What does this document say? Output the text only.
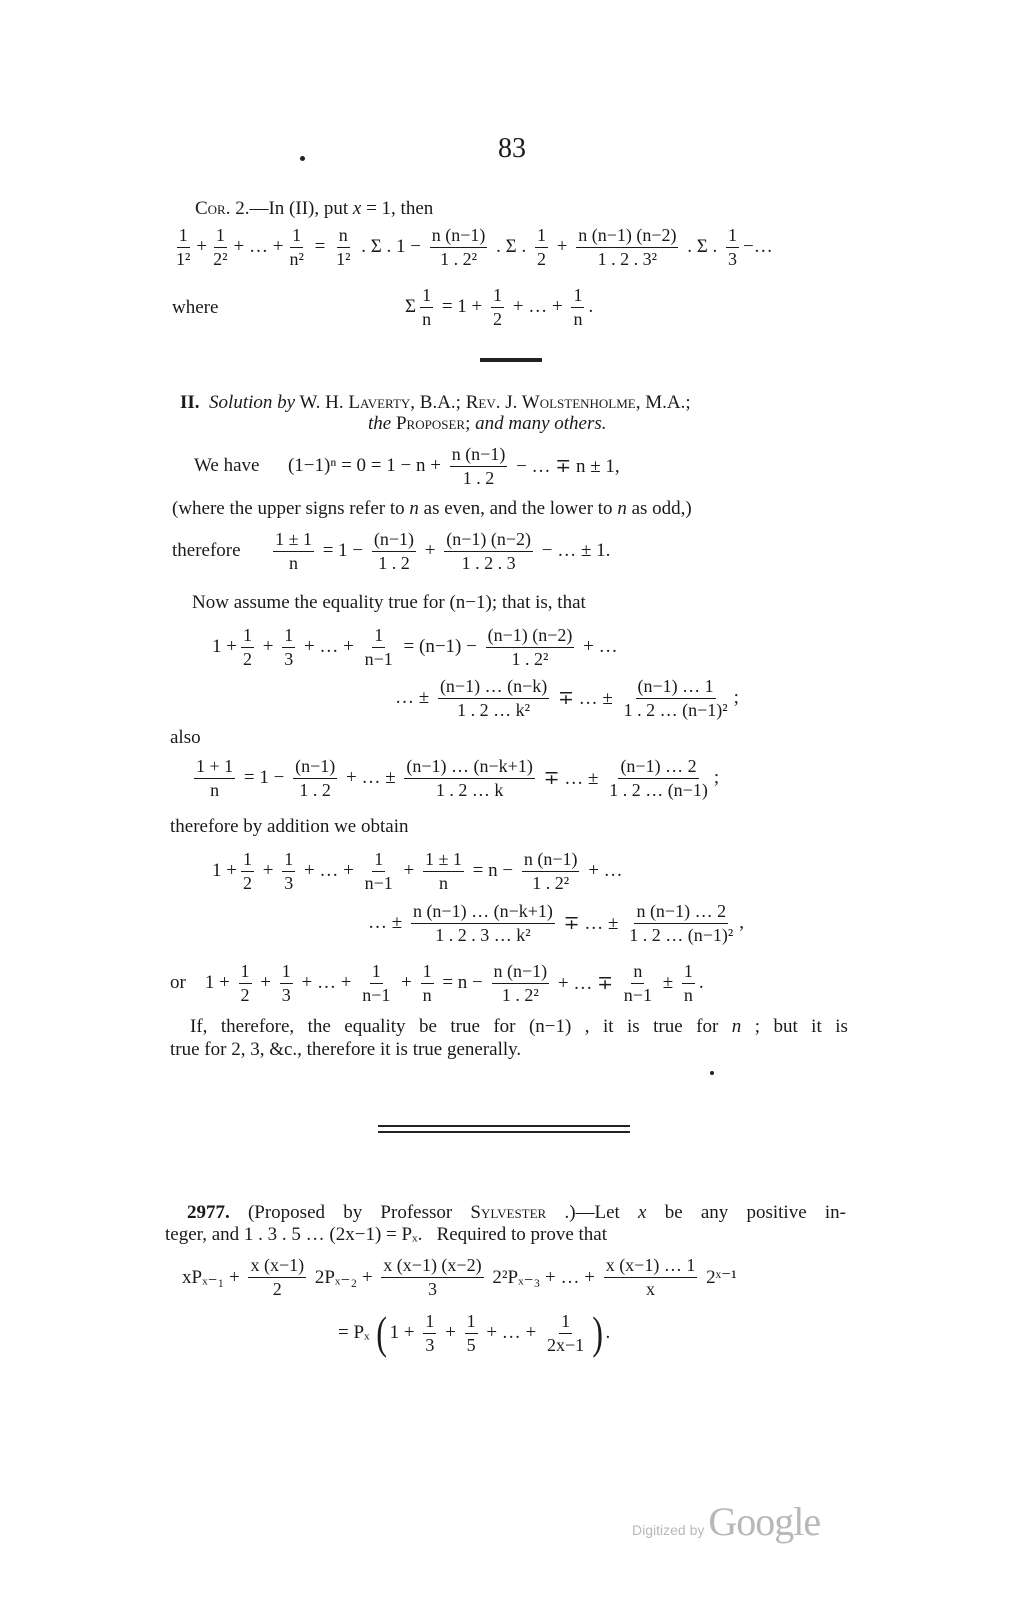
83
Cor. 2.—In (II), put x = 1, then
$\frac{1}{\text{1²}} + \frac{1}{\text{2²}}$ + … + $\frac{1}{\text{n²}} = \frac{n}{\text{1²}}$ . Σ . $1 - \frac{n (n-1)}{\text{1 . 2²}}$ . Σ . $\frac{1}{2} + \frac{n (n-1) (n-2)}{\text{1 . 2 . 3²}}$ . Σ . $\frac{1}{3}$ −…
where	Σ $\frac{1}{n} = 1 + \frac{1}{2}$ + … + $\frac{1}{n}$ .
II.
Solution by W. H. Laverty , B.A.; Rev. J. Wolstenholme , M.A.;
the
Proposer ; and many others.
We have $(1-1)^n = 0 = 1 - n + \frac{n (n-1)}{1 . 2}$ − … ∓ n ± 1,
(where the upper signs refer to n as even, and the lower to n as odd,)
therefore $\frac{1 \pm 1}{n} = 1 - \frac{(n-1)}{1 . 2} + \frac{(n-1) (n-2)}{1 . 2 . 3}$ − … ± 1.
Now assume the equality true for (n−1) ; that is, that
$1 + \frac{1}{2} + \frac{1}{3}$ + … + $\frac{1}{n-1} = (n-1) - \frac{(n-1) (n-2)}{\text{1 . 2²}}$ + …
… ± $\frac{(n-1) \dots (n-k)}{\text{1 . 2 … k²}}$ ∓ … ± $\frac{(n-1) \dots 1}{\text{1 . 2 … (n−1)²}}$ ;
also
$\frac{1 + 1}{n} = 1 - \frac{(n-1)}{1 . 2}$ + … ± $\frac{(n-1) \dots (n-k+1)}{1 . 2 \dots k}$ ∓ … ± $\frac{(n-1) \dots 2}{1 . 2 \dots (n-1)}$ ;
therefore by addition we obtain
$1 + \frac{1}{2} + \frac{1}{3}$ + … + $\frac{1}{n-1} + \frac{1 \pm 1}{n} = n - \frac{n (n-1)}{\text{1 . 2²}}$ + …
… ± $\frac{n (n-1) \dots (n-k+1)}{\text{1 . 2 . 3 … k²}}$ ∓ … ± $\frac{n (n-1) \dots 2}{\text{1 . 2 … (n−1)²}}$ ,
or $1 + \frac{1}{2} + \frac{1}{3}$ + … + $\frac{1}{n-1} + \frac{1}{n} = n - \frac{n (n-1)}{\text{1 . 2²}}$ + … ∓ $\frac{n}{n-1} \pm \frac{1}{n}$ .
If, therefore, the equality be true for (n−1) , it is true for n ; but it is
true for 2, 3, &c., therefore it is true generally.
2977. (Proposed by Professor Sylvester .)—Let x be any positive in-
teger, and 1 . 3 . 5 … (2x−1) = Pₓ .   Required to prove that
$xP_{x-1} + \frac{x (x-1)}{2} 2P_{x-2} + \frac{x (x-1) (x-2)}{3} 2^2P_{x-3}$ + … + $\frac{x (x-1) \dots 1}{x}$ 2ˣ⁻¹
= Pₓ ( $1 + \frac{1}{3} + \frac{1}{5}$ + … + $\frac{1}{2x-1}$ ) .
Digitized by Google
